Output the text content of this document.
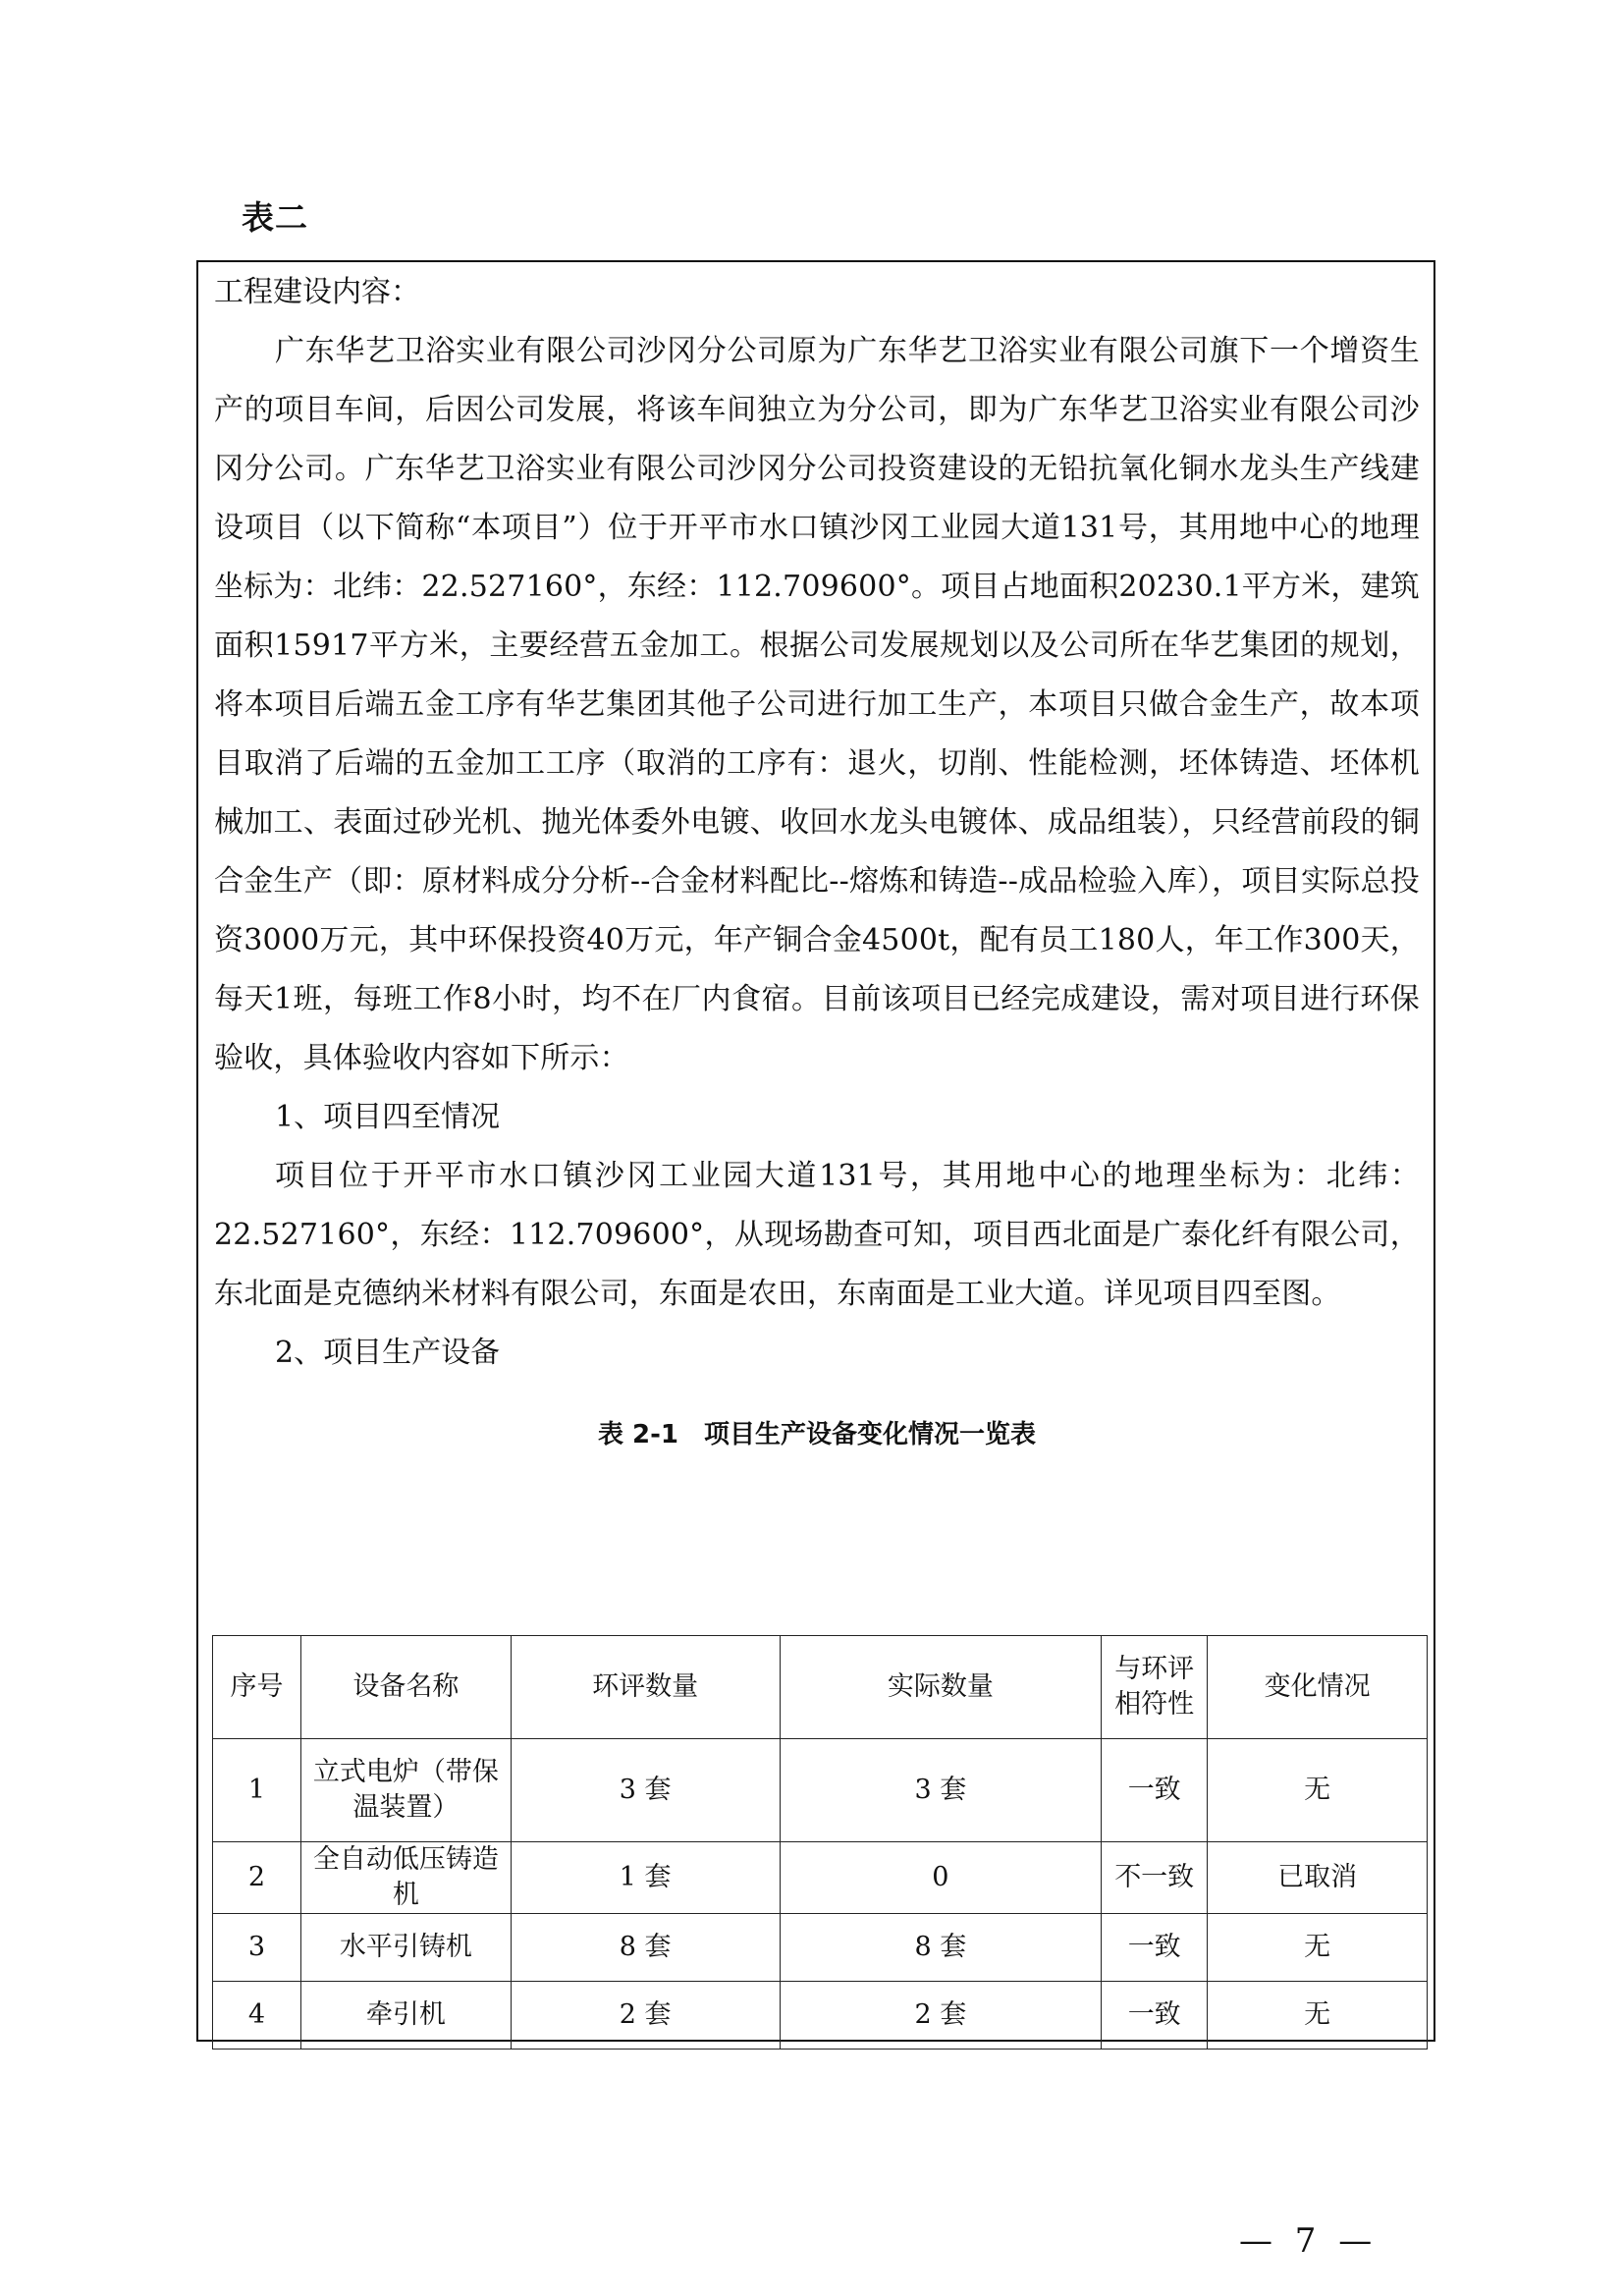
表二

工程建设内容：

广东华艺卫浴实业有限公司沙冈分公司原为广东华艺卫浴实业有限公司旗下一个增资生产的项目车间，后因公司发展，将该车间独立为分公司，即为广东华艺卫浴实业有限公司沙冈分公司。广东华艺卫浴实业有限公司沙冈分公司投资建设的无铅抗氧化铜水龙头生产线建设项目（以下简称“本项目”）位于开平市水口镇沙冈工业园大道131号，其用地中心的地理坐标为：北纬：22.527160°，东经：112.709600°。项目占地面积20230.1平方米，建筑面积15917平方米，主要经营五金加工。根据公司发展规划以及公司所在华艺集团的规划，将本项目后端五金工序有华艺集团其他子公司进行加工生产，本项目只做合金生产，故本项目取消了后端的五金加工工序（取消的工序有：退火，切削、性能检测，坯体铸造、坯体机械加工、表面过砂光机、抛光体委外电镀、收回水龙头电镀体、成品组装），只经营前段的铜合金生产（即：原材料成分分析--合金材料配比--熔炼和铸造--成品检验入库），项目实际总投资3000万元，其中环保投资40万元，年产铜合金4500t，配有员工180人，年工作300天，每天1班，每班工作8小时，均不在厂内食宿。目前该项目已经完成建设，需对项目进行环保验收，具体验收内容如下所示：

1、项目四至情况

项目位于开平市水口镇沙冈工业园大道131号，其用地中心的地理坐标为：北纬：22.527160°，东经：112.709600°，从现场勘查可知，项目西北面是广泰化纤有限公司，东北面是克德纳米材料有限公司，东面是农田，东南面是工业大道。详见项目四至图。

2、项目生产设备

表 2-1　项目生产设备变化情况一览表
序号	设备名称	环评数量	实际数量	与环评相符性	变化情况
1	立式电炉（带保温装置）	3 套	3 套	一致	无
2	全自动低压铸造机	1 套	0	不一致	已取消
3	水平引铸机	8 套	8 套	一致	无
4	牵引机	2 套	2 套	一致	无
— 7 —
